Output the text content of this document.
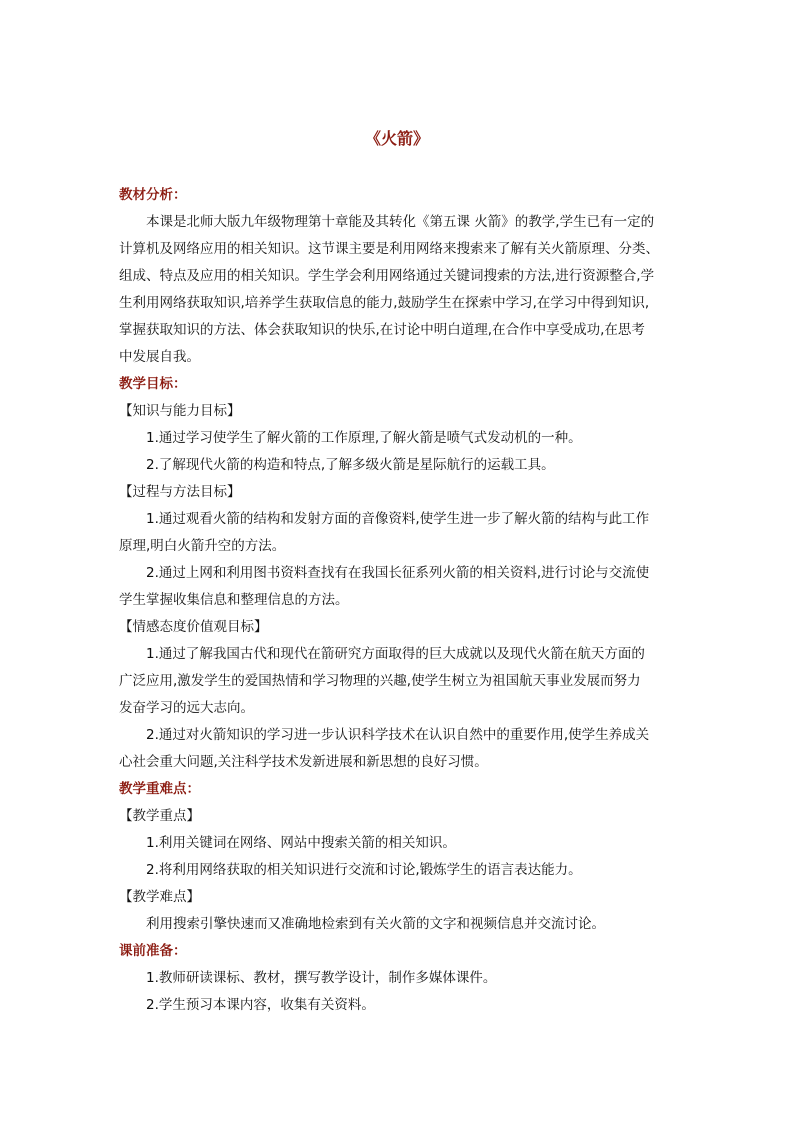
《火箭》
教材分析：
本课是北师大版九年级物理第十章能及其转化《第五课 火箭》的教学,学生已有一定的
计算机及网络应用的相关知识。这节课主要是利用网络来搜索来了解有关火箭原理、分类、
组成、特点及应用的相关知识。学生学会利用网络通过关键词搜索的方法,进行资源整合,学
生利用网络获取知识,培养学生获取信息的能力,鼓励学生在探索中学习,在学习中得到知识,
掌握获取知识的方法、体会获取知识的快乐,在讨论中明白道理,在合作中享受成功,在思考
中发展自我。
教学目标：
【知识与能力目标】
1.通过学习使学生了解火箭的工作原理,了解火箭是喷气式发动机的一种。
2.了解现代火箭的构造和特点,了解多级火箭是星际航行的运载工具。
【过程与方法目标】
1.通过观看火箭的结构和发射方面的音像资料,使学生进一步了解火箭的结构与此工作
原理,明白火箭升空的方法。
2.通过上网和利用图书资料查找有在我国长征系列火箭的相关资料,进行讨论与交流使
学生掌握收集信息和整理信息的方法。
【情感态度价值观目标】
1.通过了解我国古代和现代在箭研究方面取得的巨大成就以及现代火箭在航天方面的
广泛应用,激发学生的爱国热情和学习物理的兴趣,使学生树立为祖国航天事业发展而努力
发奋学习的远大志向。
2.通过对火箭知识的学习进一步认识科学技术在认识自然中的重要作用,使学生养成关
心社会重大问题,关注科学技术发新进展和新思想的良好习惯。
教学重难点：
【教学重点】
1.利用关键词在网络、网站中搜索关箭的相关知识。
2.将利用网络获取的相关知识进行交流和讨论,锻炼学生的语言表达能力。
【教学难点】
利用搜索引擎快速而又准确地检索到有关火箭的文字和视频信息并交流讨论。
课前准备：
1.教师研读课标、教材，撰写教学设计，制作多媒体课件。
2.学生预习本课内容，收集有关资料。
